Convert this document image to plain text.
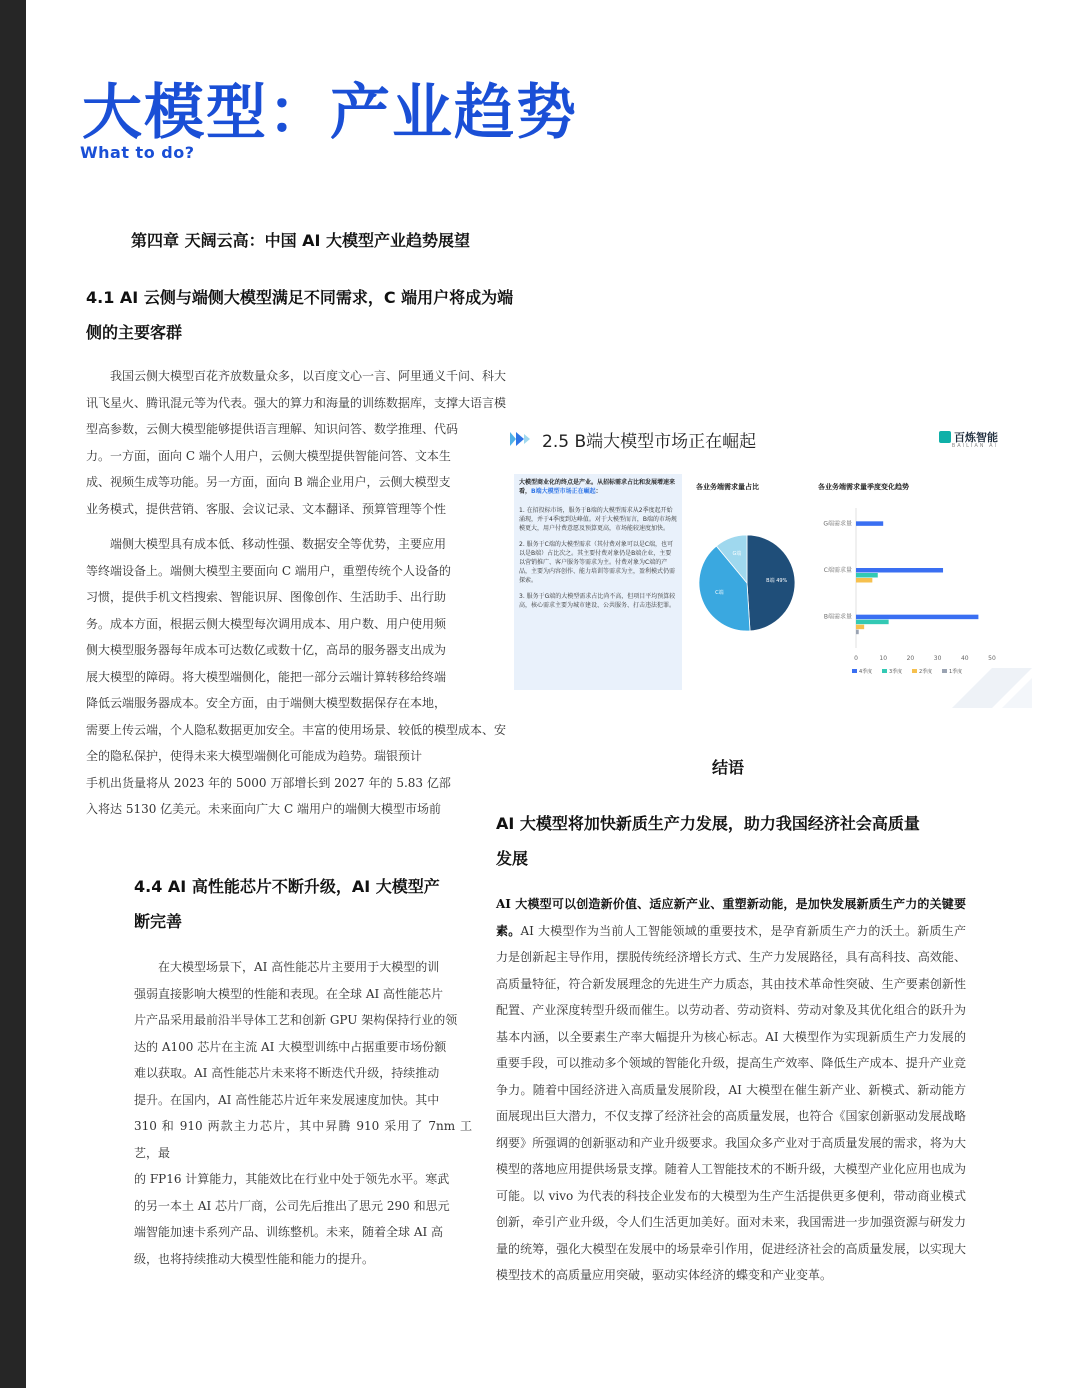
大模型：产业趋势
What to do?
第四章 天阔云高：中国 AI 大模型产业趋势展望
4.1 AI 云侧与端侧大模型满足不同需求，C 端用户将成为端
侧的主要客群
　　我国云侧大模型百花齐放数量众多，以百度文心一言、阿里通义千问、科大
讯飞星火、腾讯混元等为代表。强大的算力和海量的训练数据库，支撑大语言模
型高参数，云侧大模型能够提供语言理解、知识问答、数学推理、代码
力。一方面，面向 C 端个人用户，云侧大模型提供智能问答、文本生
成、视频生成等功能。另一方面，面向 B 端企业用户，云侧大模型支
业务模式，提供营销、客服、会议记录、文本翻译、预算管理等个性
　　端侧大模型具有成本低、移动性强、数据安全等优势，主要应用
等终端设备上。端侧大模型主要面向 C 端用户，重塑传统个人设备的
习惯，提供手机文档搜索、智能识屏、图像创作、生活助手、出行助
务。成本方面，根据云侧大模型每次调用成本、用户数、用户使用频
侧大模型服务器每年成本可达数亿或数十亿，高昂的服务器支出成为
展大模型的障碍。将大模型端侧化，能把一部分云端计算转移给终端
降低云端服务器成本。安全方面，由于端侧大模型数据保存在本地，
需要上传云端，个人隐私数据更加安全。丰富的使用场景、较低的模型成本、安
全的隐私保护，使得未来大模型端侧化可能成为趋势。瑞银预计
手机出货量将从 2023 年的 5000 万部增长到 2027 年的 5.83 亿部
入将达 5130 亿美元。未来面向广大 C 端用户的端侧大模型市场前
4.4 AI 高性能芯片不断升级，AI 大模型产
断完善
　　在大模型场景下，AI 高性能芯片主要用于大模型的训
强弱直接影响大模型的性能和表现。在全球 AI 高性能芯片
片产品采用最前沿半导体工艺和创新 GPU 架构保持行业的领
达的 A100 芯片在主流 AI 大模型训练中占据重要市场份额
难以获取。AI 高性能芯片未来将不断迭代升级，持续推动
提升。在国内，AI 高性能芯片近年来发展速度加快。其中
310 和 910 两款主力芯片，其中昇腾 910 采用了 7nm 工艺，最
的 FP16 计算能力，其能效比在行业中处于领先水平。寒武
的另一本土 AI 芯片厂商，公司先后推出了思元 290 和思元
端智能加速卡系列产品、训练整机。未来，随着全球 AI 高
级，也将持续推动大模型性能和能力的提升。
2.5 B端大模型市场正在崛起	百炼智能
BAILIAN AI

大模型商业化的终点是产业。从招标需求占比和发展增速来看，B端大模型市场正在崛起：

1. 在招投标市场，服务于B端的大模型需求从2季度起开始涌现，并于4季度到达峰值。对于大模型而言，B端的市场规模更大，用户付费意愿及预算更高，市场能较速度加快。

2. 服务于C端的大模型需求（其付费对象可以是C端，也可以是B端）占比次之。其主要付费对象仍是B端企业，主要以营销推广、客户服务等需求为主。付费对象为C端的产品，主要为内容创作、能力培训等需求为主，盈利模式仍需探索。

3. 服务于G端的大模型需求占比尚不高，但项目平均预算较高，核心需求主要为城市建设、公共服务、打击违法犯罪。

各业务端需求量占比
B端 49%
C端
G端
各业务端需求量季度变化趋势
0	10	20	30	40	50
G端需求量
C端需求量
B端需求量
4季度	3季度	2季度	1季度
结语
AI 大模型将加快新质生产力发展，助力我国经济社会高质量
发展
AI 大模型可以创造新价值、适应新产业、重塑新动能，是加快发展新质生产力的关键要素。AI 大模型作为当前人工智能领域的重要技术，是孕育新质生产力的沃土。新质生产力是创新起主导作用，摆脱传统经济增长方式、生产力发展路径，具有高科技、高效能、高质量特征，符合新发展理念的先进生产力质态，其由技术革命性突破、生产要素创新性配置、产业深度转型升级而催生。以劳动者、劳动资料、劳动对象及其优化组合的跃升为基本内涵，以全要素生产率大幅提升为核心标志。AI 大模型作为实现新质生产力发展的重要手段，可以推动多个领域的智能化升级，提高生产效率、降低生产成本、提升产业竞争力。随着中国经济进入高质量发展阶段，AI 大模型在催生新产业、新模式、新动能方面展现出巨大潜力，不仅支撑了经济社会的高质量发展，也符合《国家创新驱动发展战略纲要》所强调的创新驱动和产业升级要求。我国众多产业对于高质量发展的需求，将为大模型的落地应用提供场景支撑。随着人工智能技术的不断升级，大模型产业化应用也成为可能。以 vivo 为代表的科技企业发布的大模型为生产生活提供更多便利，带动商业模式创新，牵引产业升级，令人们生活更加美好。面对未来，我国需进一步加强资源与研发力量的统筹，强化大模型在发展中的场景牵引作用，促进经济社会的高质量发展，以实现大模型技术的高质量应用突破，驱动实体经济的蝶变和产业变革。
